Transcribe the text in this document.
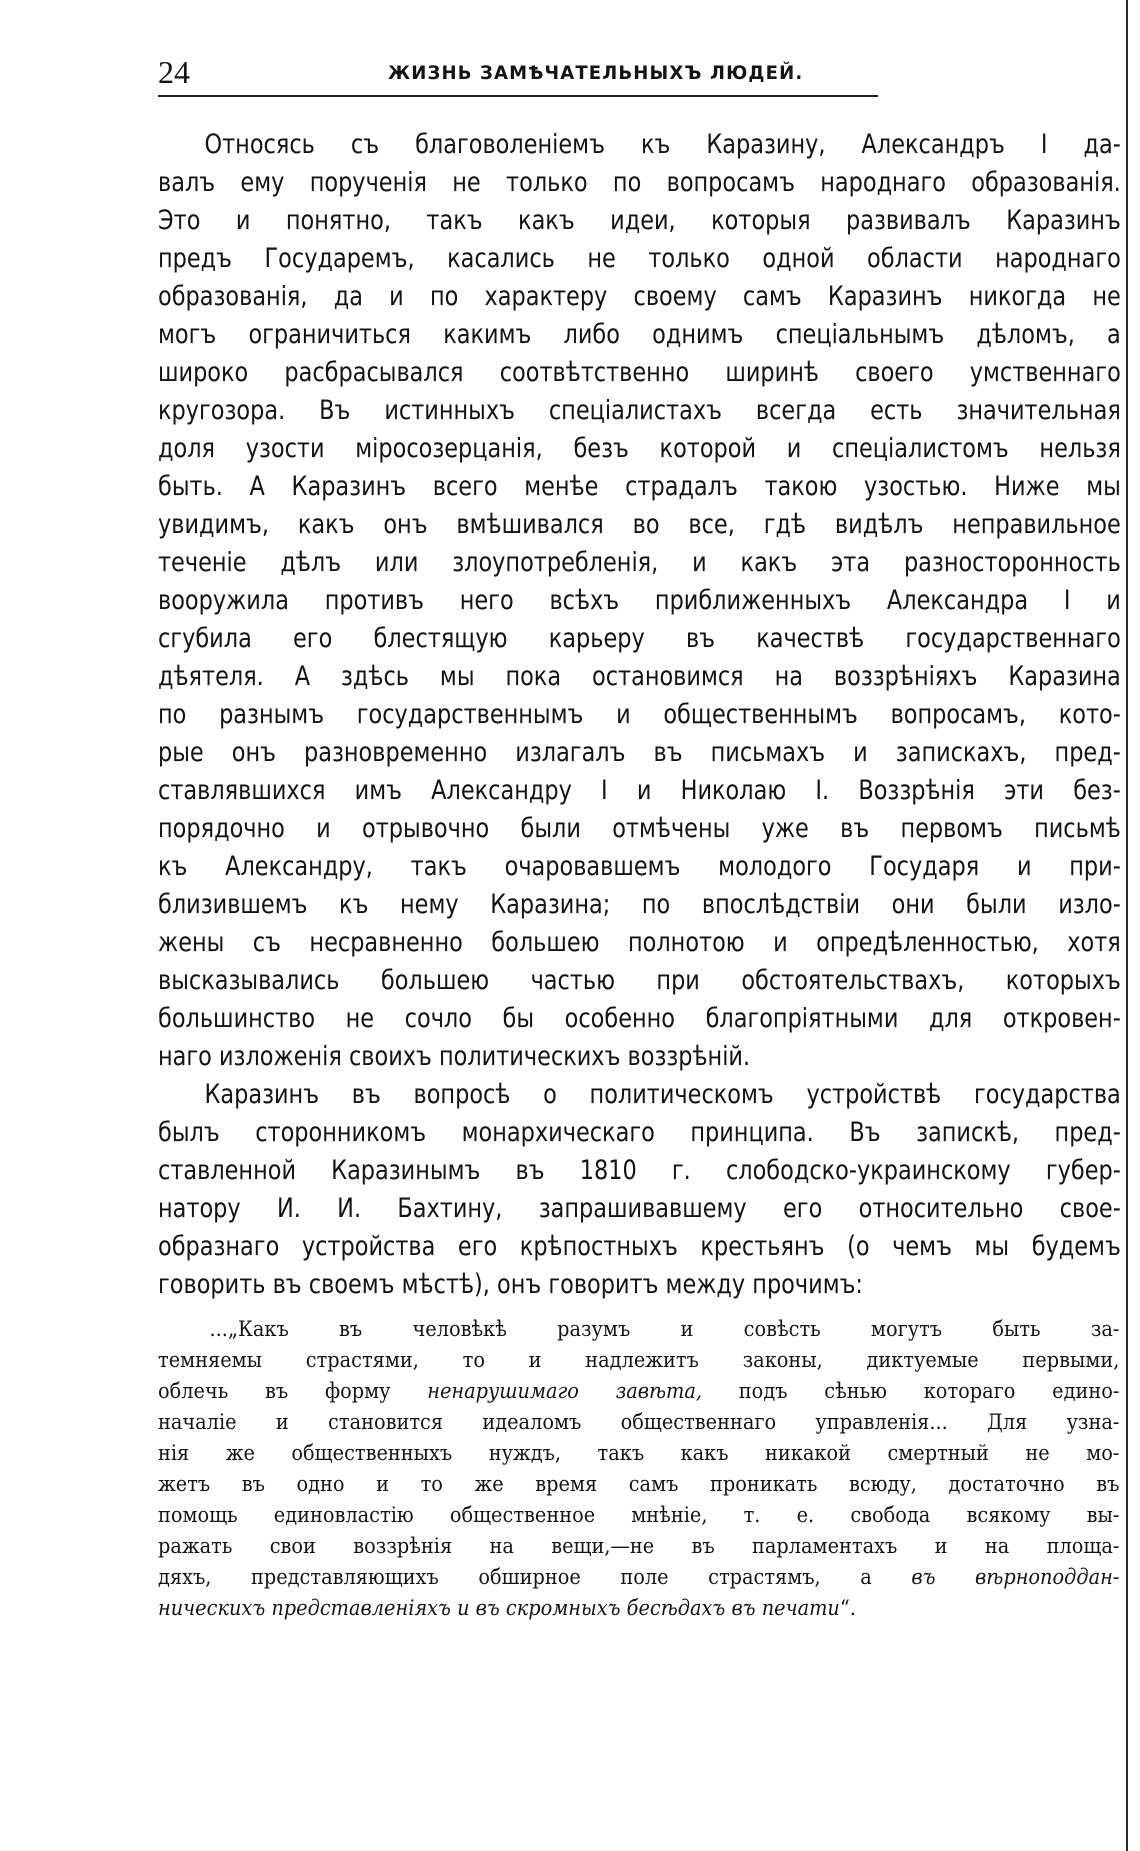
24	ЖИЗНЬ ЗАМѢЧАТЕЛЬНЫХЪ ЛЮДЕЙ.
Относясь съ благоволеніемъ къ Каразину, Александръ I да-
валъ ему порученія не только по вопросамъ народнаго образованія.
Это и понятно, такъ какъ идеи, которыя развивалъ Каразинъ
предъ Государемъ, касались не только одной области народнаго
образованія, да и по характеру своему самъ Каразинъ никогда не
могъ ограничиться какимъ либо однимъ спеціальнымъ дѣломъ, а
широко расбрасывался соотвѣтственно ширинѣ своего умственнаго
кругозора. Въ истинныхъ спеціалистахъ всегда есть значительная
доля узости міросозерцанія, безъ которой и спеціалистомъ нельзя
быть. А Каразинъ всего менѣе страдалъ такою узостью. Ниже мы
увидимъ, какъ онъ вмѣшивался во все, гдѣ видѣлъ неправильное
теченіе дѣлъ или злоупотребленія, и какъ эта разносторонность
вооружила противъ него всѣхъ приближенныхъ Александра I и
сгубила его блестящую карьеру въ качествѣ государственнаго
дѣятеля. А здѣсь мы пока остановимся на воззрѣніяхъ Каразина
по разнымъ государственнымъ и общественнымъ вопросамъ, кото-
рые онъ разновременно излагалъ въ письмахъ и запискахъ, пред-
ставлявшихся имъ Александру I и Николаю I. Воззрѣнія эти без-
порядочно и отрывочно были отмѣчены уже въ первомъ письмѣ
къ Александру, такъ очаровавшемъ молодого Государя и при-
близившемъ къ нему Каразина; по впослѣдствіи они были изло-
жены съ несравненно большею полнотою и опредѣленностью, хотя
высказывались большею частью при обстоятельствахъ, которыхъ
большинство не сочло бы особенно благопріятными для откровен-
наго изложенія своихъ политическихъ воззрѣній.
Каразинъ въ вопросѣ о политическомъ устройствѣ государства
былъ сторонникомъ монархическаго принципа. Въ запискѣ, пред-
ставленной Каразинымъ въ 1810 г. слободско-украинскому губер-
натору И. И. Бахтину, запрашивавшему его относительно свое-
образнаго устройства его крѣпостныхъ крестьянъ (о чемъ мы будемъ
говорить въ своемъ мѣстѣ), онъ говоритъ между прочимъ:
...„Какъ въ человѣкѣ разумъ и совѣсть могутъ быть за-
темняемы страстями, то и надлежитъ законы, диктуемые первыми,
облечь въ форму ненарушимаго завѣта, подъ сѣнью котораго едино-
началіе и становится идеаломъ общественнаго управленія... Для узна-
нія же общественныхъ нуждъ, такъ какъ никакой смертный не мо-
жетъ въ одно и то же время самъ проникать всюду, достаточно въ
помощь единовластію общественное мнѣніе, т. е. свобода всякому вы-
ражать свои воззрѣнія на вещи,—не въ парламентахъ и на площа-
дяхъ, представляющихъ обширное поле страстямъ, а въ вѣрноподдан-
ническихъ представленіяхъ и въ скромныхъ бесѣдахъ въ печати“.
